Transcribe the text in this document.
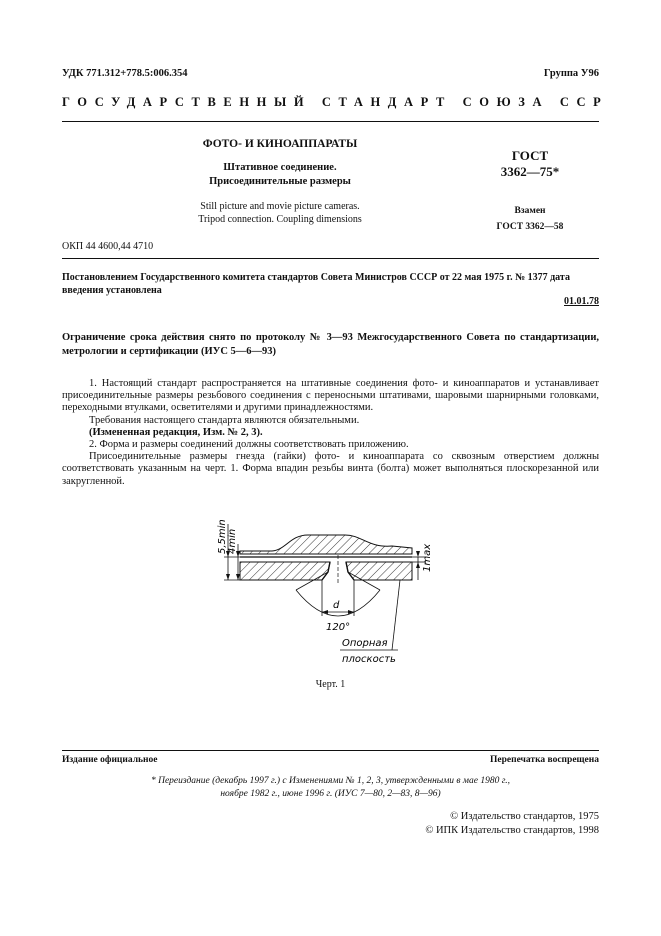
УДК 771.312+778.5:006.354	Группа У96
ГОСУДАРСТВЕННЫЙ СТАНДАРТ СОЮЗА ССР
ФОТО- И КИНОАППАРАТЫ
Штативное соединение.
Присоединительные размеры
Still picture and movie picture cameras.
Tripod connection. Coupling dimensions
ГОСТ
3362—75*
Взамен
ГОСТ 3362—58
ОКП 44 4600,44 4710
Постановлением Государственного комитета стандартов Совета Министров СССР от 22 мая 1975 г. № 1377 дата введения установлена
01.01.78
Ограничение срока действия снято по протоколу № 3—93 Межгосударственного Совета по стандартизации, метрологии и сертификации (ИУС 5—6—93)

1. Настоящий стандарт распространяется на штативные соединения фото- и киноаппаратов и устанавливает присоединительные размеры резьбового соединения с переносными штативами, шаровыми шарнирными головками, переходными втулками, осветителями и другими принадлежностями.

Требования настоящего стандарта являются обязательными.

(Измененная редакция, Изм. № 2, 3).

2. Форма и размеры соединений должны соответствовать приложению.

Присоединительные размеры гнезда (гайки) фото- и киноаппарата со сквозным отверстием должны соответствовать указанным на черт. 1. Форма впадин резьбы винта (болта) может выполняться плоскорезанной или закругленной.

5,5min 4min
1max
d
120°
Опорная
плоскость
Черт. 1
Издание официальное	Перепечатка воспрещена
* Переиздание (декабрь 1997 г.) с Изменениями № 1, 2, 3, утвержденными в мае 1980 г.,
ноябре 1982 г., июне 1996 г. (ИУС 7—80, 2—83, 8—96)
© Издательство стандартов, 1975
© ИПК Издательство стандартов, 1998
